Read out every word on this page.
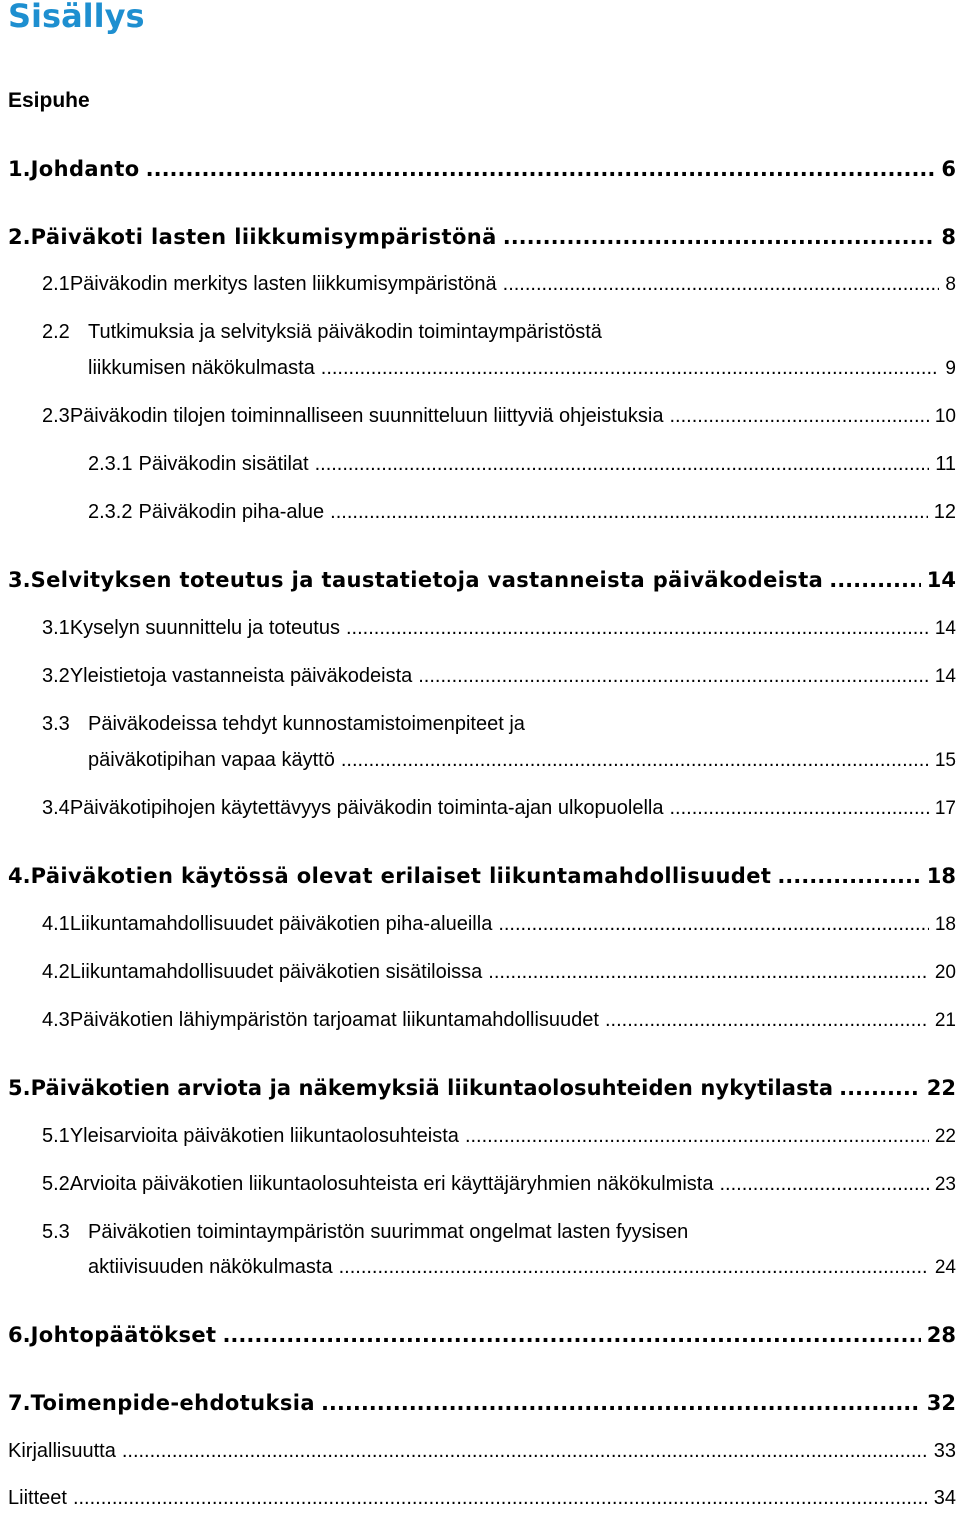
Sisällys
Esipuhe
1. Johdanto .....	6
2. Päiväkoti lasten liikkumisympäristönä .....	8
2.1 Päiväkodin merkitys lasten liikkumisympäristönä .....	8
2.2 Tutkimuksia ja selvityksiä päiväkodin toimintaympäristöstä
liikkumisen näkökulmasta .....	9
2.3 Päiväkodin tilojen toiminnalliseen suunnitteluun liittyviä ohjeistuksia .....	10
2.3.1 Päiväkodin sisätilat .....	11
2.3.2 Päiväkodin piha-alue .....	12
3. Selvityksen toteutus ja taustatietoja vastanneista päiväkodeista .....	14
3.1 Kyselyn suunnittelu ja toteutus .....	14
3.2 Yleistietoja vastanneista päiväkodeista .....	14
3.3 Päiväkodeissa tehdyt kunnostamistoimenpiteet ja
päiväkotipihan vapaa käyttö .....	15
3.4 Päiväkotipihojen käytettävyys päiväkodin toiminta-ajan ulkopuolella .....	17
4. Päiväkotien käytössä olevat erilaiset liikuntamahdollisuudet .....	18
4.1 Liikuntamahdollisuudet päiväkotien piha-alueilla .....	18
4.2 Liikuntamahdollisuudet päiväkotien sisätiloissa .....	20
4.3 Päiväkotien lähiympäristön tarjoamat liikuntamahdollisuudet .....	21
5. Päiväkotien arviota ja näkemyksiä liikuntaolosuhteiden nykytilasta .....	22
5.1 Yleisarvioita päiväkotien liikuntaolosuhteista .....	22
5.2 Arvioita päiväkotien liikuntaolosuhteista eri käyttäjäryhmien näkökulmista .....	23
5.3 Päiväkotien toimintaympäristön suurimmat ongelmat lasten fyysisen
aktiivisuuden näkökulmasta .....	24
6. Johtopäätökset .....	28
7. Toimenpide-ehdotuksia .....	32
Kirjallisuutta .....	33
Liitteet .....	34
